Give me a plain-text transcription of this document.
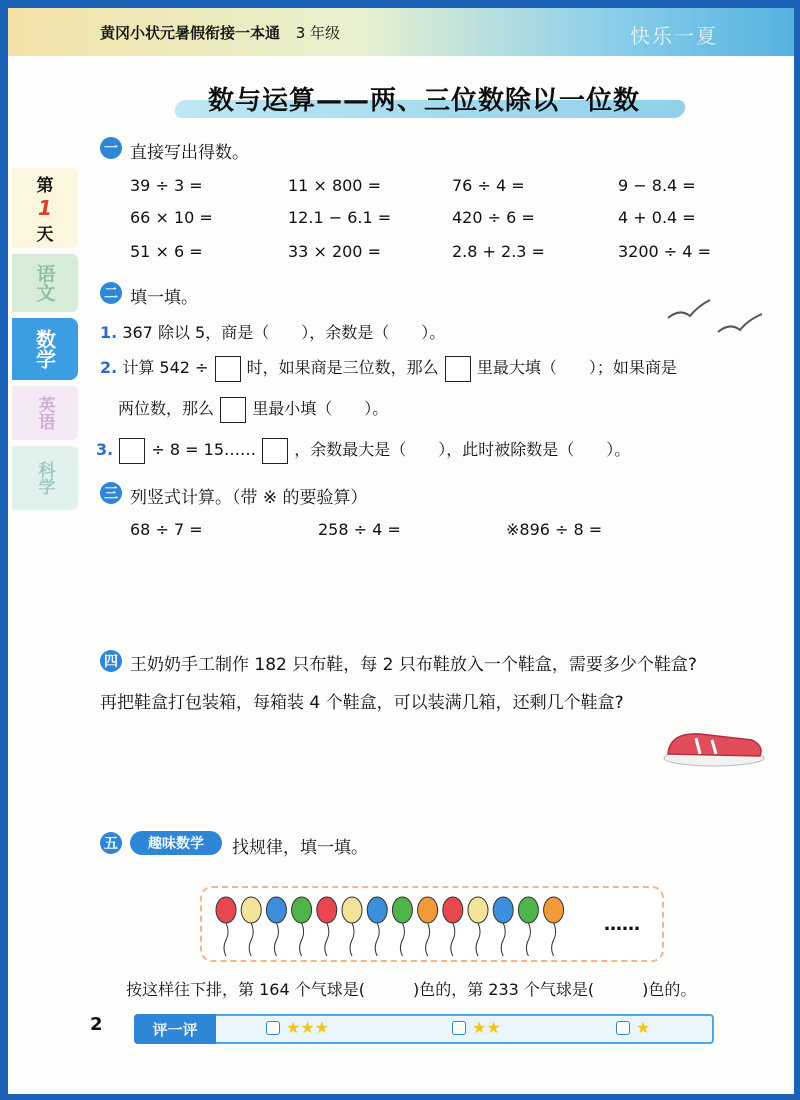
黄冈小状元暑假衔接一本通 3 年级	快乐一夏
数与运算——两、三位数除以一位数
第
1
天
语文
数学
英语
科学
一 直接写出得数。
39 ÷ 3 =	11 × 800 =	76 ÷ 4 =	9 − 8.4 =
66 × 10 =	12.1 − 6.1 =	420 ÷ 6 =	4 + 0.4 =
51 × 6 =	33 × 200 =	2.8 + 2.3 =	3200 ÷ 4 =
二 填一填。
1. 367 除以 5，商是（　　），余数是（　　）。
2. 计算 542 ÷ 时，如果商是三位数，那么 里最大填（　　）；如果商是
两位数，那么 里最小填（　　）。
3. ÷ 8 = 15…… ，余数最大是（　　），此时被除数是（　　）。
三 列竖式计算。（带 ※ 的要验算）
68 ÷ 7 =	258 ÷ 4 =	※896 ÷ 8 =
四 王奶奶手工制作 182 只布鞋，每 2 只布鞋放入一个鞋盒，需要多少个鞋盒?
再把鞋盒打包装箱，每箱装 4 个鞋盒，可以装满几箱，还剩几个鞋盒?
五	趣味数学	找规律，填一填。
……
按这样往下排，第 164 个气球是(　　　)色的，第 233 个气球是(　　　)色的。
2	评一评	★★★	★★	★
